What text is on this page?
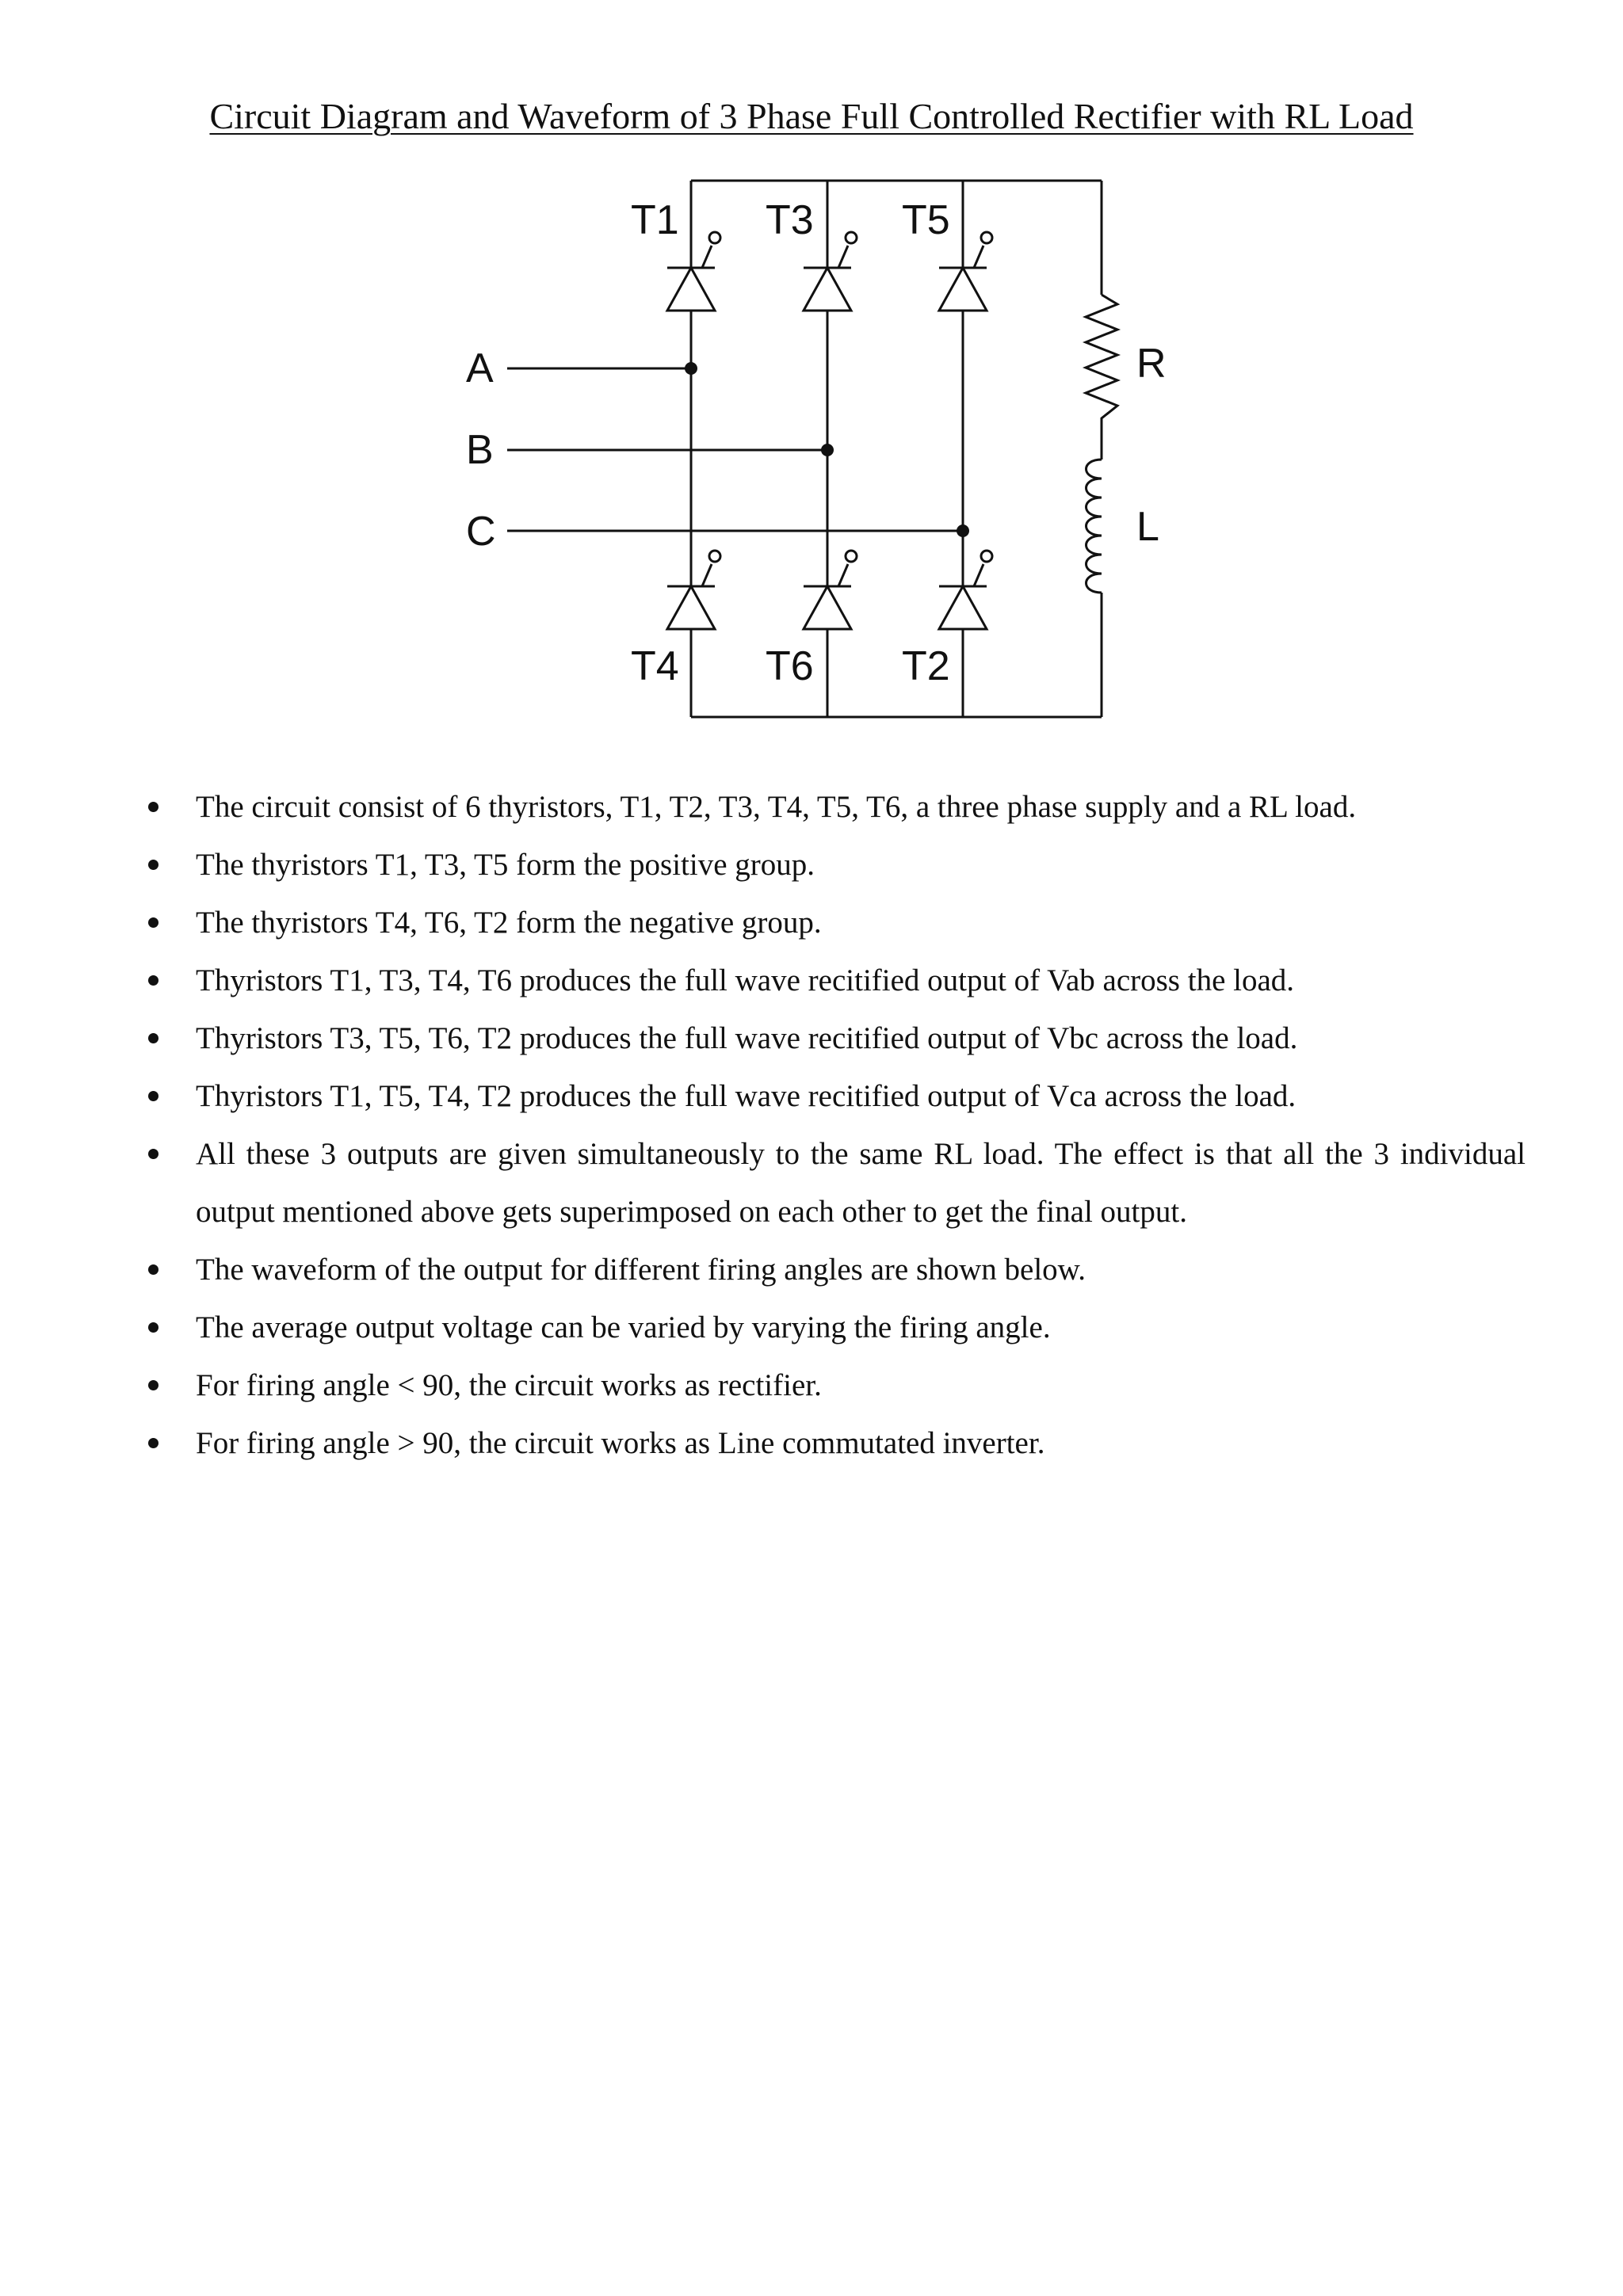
Circuit Diagram and Waveform of 3 Phase Full Controlled Rectifier with RL Load
T1 T3 T5
T4 T6 T2
A
B
C
R
L
The circuit consist of 6 thyristors, T1, T2, T3, T4, T5, T6, a three phase supply and a RL load.
The thyristors T1, T3, T5 form the positive group.
The thyristors T4, T6, T2 form the negative group.
Thyristors T1, T3, T4, T6 produces the full wave recitified output of Vab across the load.
Thyristors T3, T5, T6, T2 produces the full wave recitified output of Vbc across the load.
Thyristors T1, T5, T4, T2 produces the full wave recitified output of Vca across the load.
All these 3 outputs are given simultaneously to the same RL load. The effect is that all the 3 individual output mentioned above gets superimposed on each other to get the final output.
The waveform of the output for different firing angles are shown below.
The average output voltage can be varied by varying the firing angle.
For firing angle < 90, the circuit works as rectifier.
For firing angle > 90, the circuit works as Line commutated inverter.
